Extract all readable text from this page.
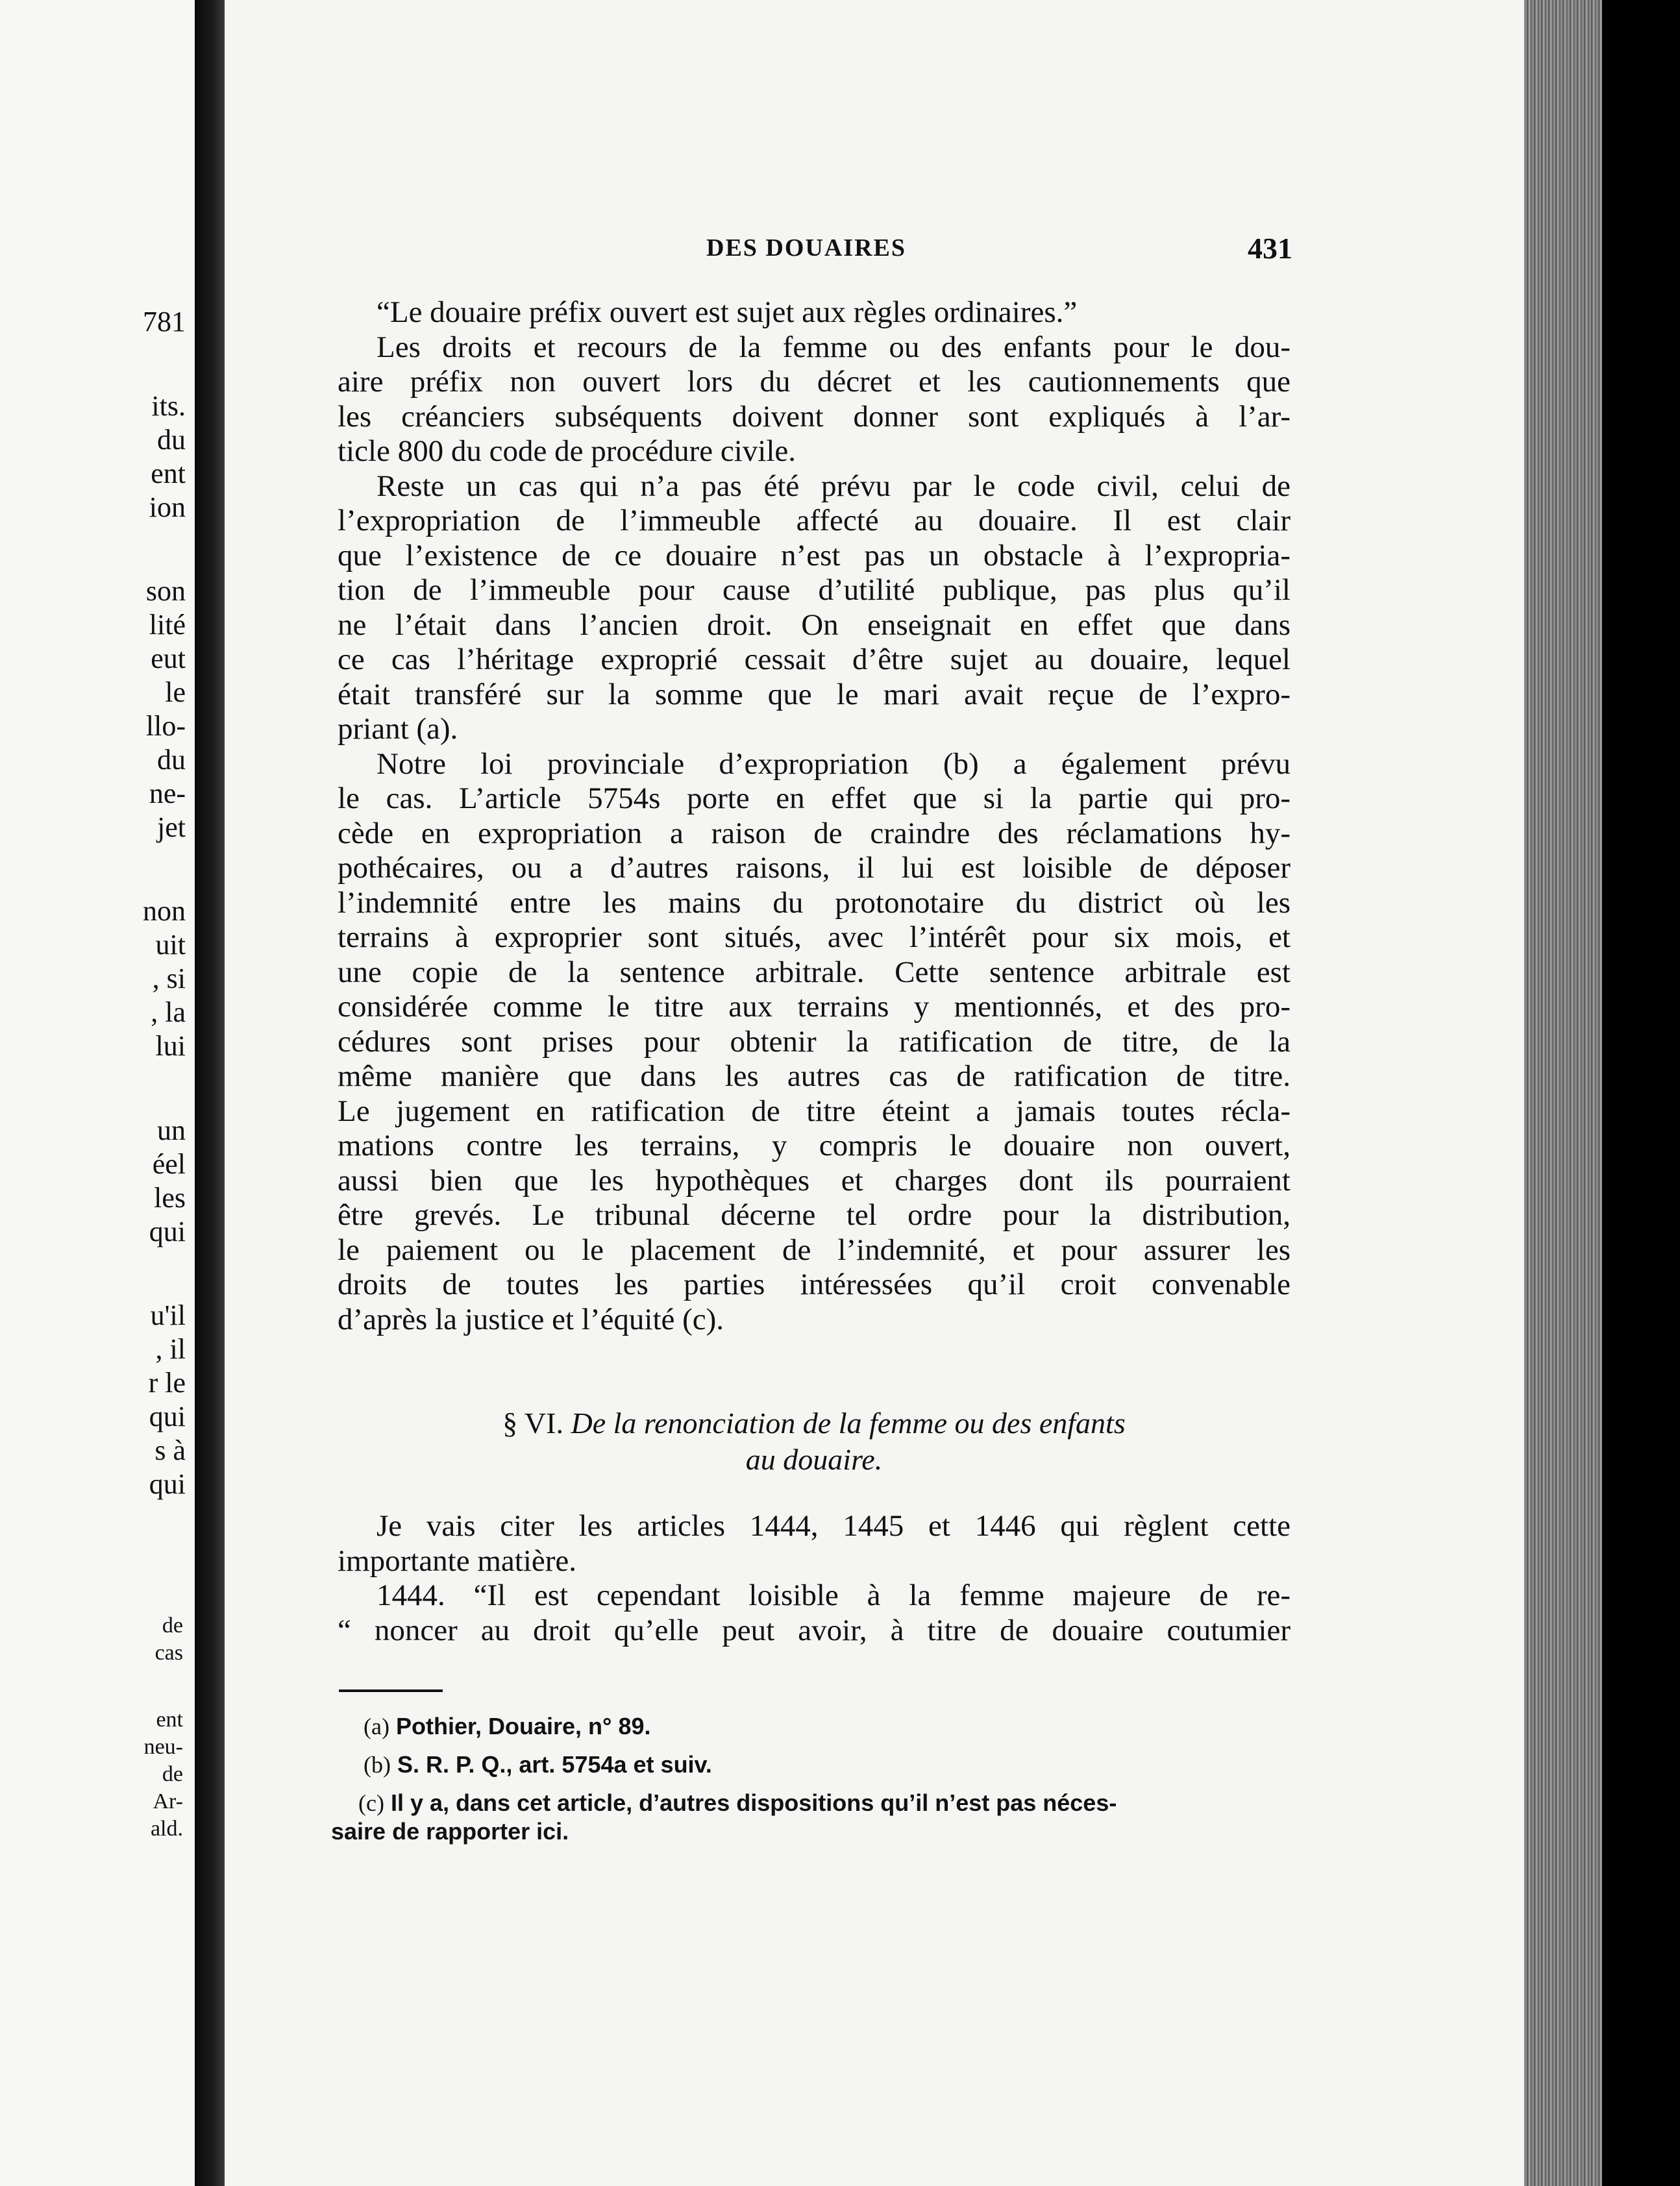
781
its.
du
ent
ion
son
lité
eut
le
llo-
du
ne-
jet
non
uit
, si
, la
lui
un
éel
les
qui
u'il
, il
r le
qui
s à
qui
de
cas
ent
neu-
de
Ar-
ald.
DES DOUAIRES	431
“Le douaire préfix ouvert est sujet aux règles ordinaires.”
Les droits et recours de la femme ou des enfants pour le dou-
aire préfix non ouvert lors du décret et les cautionnements que
les créanciers subséquents doivent donner sont expliqués à l’ar-
ticle 800 du code de procédure civile.
Reste un cas qui n’a pas été prévu par le code civil, celui de
l’expropriation de l’immeuble affecté au douaire. Il est clair
que l’existence de ce douaire n’est pas un obstacle à l’expropria-
tion de l’immeuble pour cause d’utilité publique, pas plus qu’il
ne l’était dans l’ancien droit. On enseignait en effet que dans
ce cas l’héritage exproprié cessait d’être sujet au douaire, lequel
était transféré sur la somme que le mari avait reçue de l’expro-
priant (a).
Notre loi provinciale d’expropriation (b) a également prévu
le cas. L’article 5754s porte en effet que si la partie qui pro-
cède en expropriation a raison de craindre des réclamations hy-
pothécaires, ou a d’autres raisons, il lui est loisible de déposer
l’indemnité entre les mains du protonotaire du district où les
terrains à exproprier sont situés, avec l’intérêt pour six mois, et
une copie de la sentence arbitrale. Cette sentence arbitrale est
considérée comme le titre aux terrains y mentionnés, et des pro-
cédures sont prises pour obtenir la ratification de titre, de la
même manière que dans les autres cas de ratification de titre.
Le jugement en ratification de titre éteint a jamais toutes récla-
mations contre les terrains, y compris le douaire non ouvert,
aussi bien que les hypothèques et charges dont ils pourraient
être grevés. Le tribunal décerne tel ordre pour la distribution,
le paiement ou le placement de l’indemnité, et pour assurer les
droits de toutes les parties intéressées qu’il croit convenable
d’après la justice et l’équité (c).
§ VI. De la renonciation de la femme ou des enfants
au douaire.
Je vais citer les articles 1444, 1445 et 1446 qui règlent cette
importante matière.
1444. “Il est cependant loisible à la femme majeure de re-
“ noncer au droit qu’elle peut avoir, à titre de douaire coutumier
(a) Pothier, Douaire, n° 89.
(b) S. R. P. Q., art. 5754a et suiv.
(c) Il y a, dans cet article, d’autres dispositions qu’il n’est pas néces-
saire de rapporter ici.
